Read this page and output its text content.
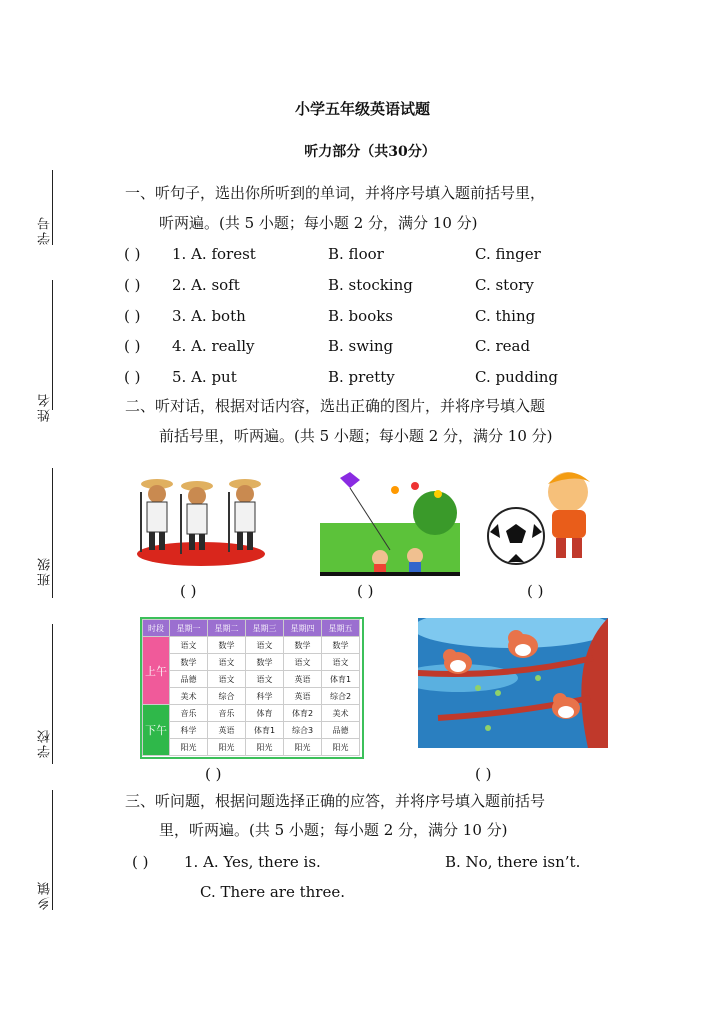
学号
姓名
班级
学校
乡镇
小学五年级英语试题
听力部分（共30分）
一、听句子，选出你所听到的单词，并将序号填入题前括号里，
听两遍。(共 5 小题；每小题 2 分，满分 10 分)
( ) 1. A. forest	B. floor	C. finger
( ) 2. A. soft	B. stocking	C. story
( ) 3. A. both	B. books	C. thing
( ) 4. A. really	B. swing	C. read
( ) 5. A. put	B. pretty	C. pudding
二、听对话，根据对话内容，选出正确的图片，并将序号填入题
前括号里，听两遍。(共 5 小题；每小题 2 分，满分 10 分)
( )	( )	( )
时段	星期一	星期二	星期三	星期四	星期五
上午	语文	数学	语文	数学	数学
	数学	语文	数学	语文	语文
	品德	语文	语文	英语	体育1
	美术	综合	科学	英语	综合2
下午	音乐	音乐	体育	体育2	美术
	科学	英语	体育1	综合3	品德
	阳光	阳光	阳光	阳光	阳光
( )	( )
三、听问题，根据问题选择正确的应答，并将序号填入题前括号
里，听两遍。(共 5 小题；每小题 2 分，满分 10 分)
( ) 1. A. Yes, there is.	B. No, there isn’t.
C. There are three.
